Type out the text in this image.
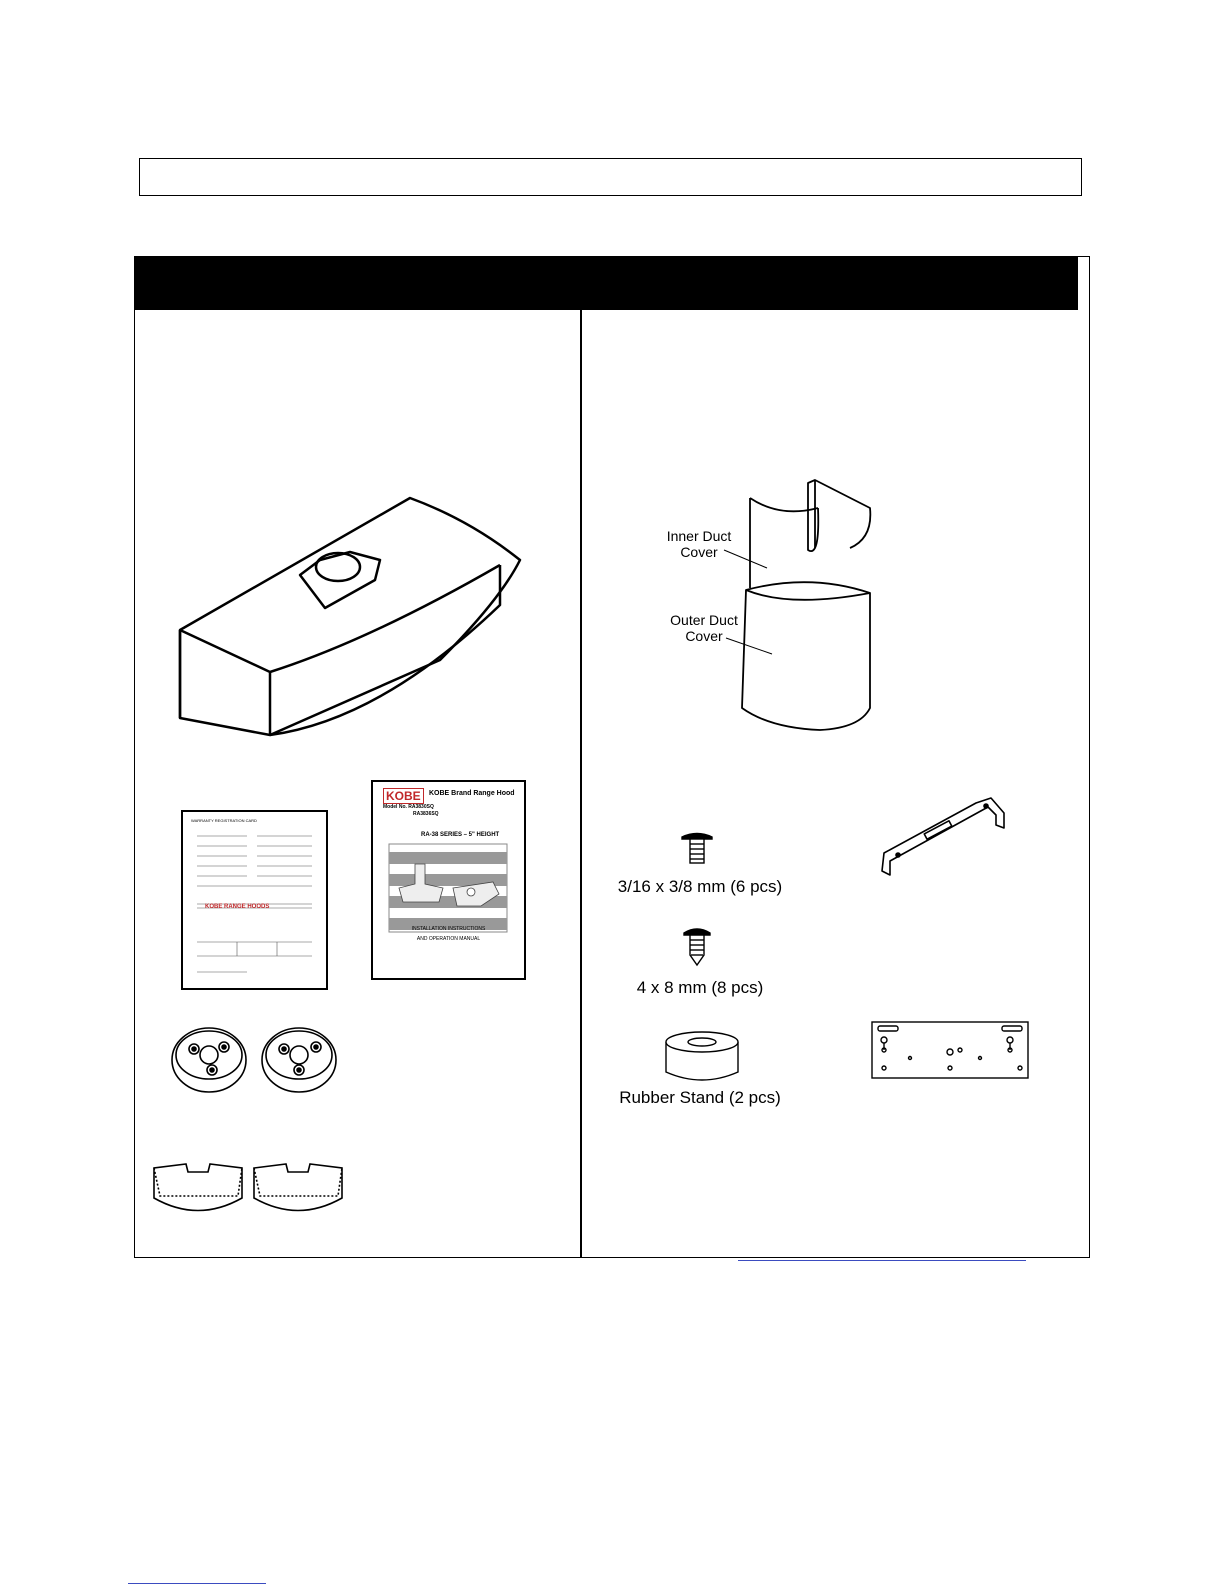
WARRANTY REGISTRATION CARD
KOBE RANGE HOODS
KOBE	KOBE Brand Range Hood
Model No. RA3830SQ
RA3836SQ
RA-38 SERIES – 5" HEIGHT
INSTALLATION INSTRUCTIONS
AND OPERATION MANUAL
Inner Duct
Cover
Outer Duct
Cover
3/16 x 3/8 mm (6 pcs)
4 x 8 mm (8 pcs)
Rubber Stand (2 pcs)
